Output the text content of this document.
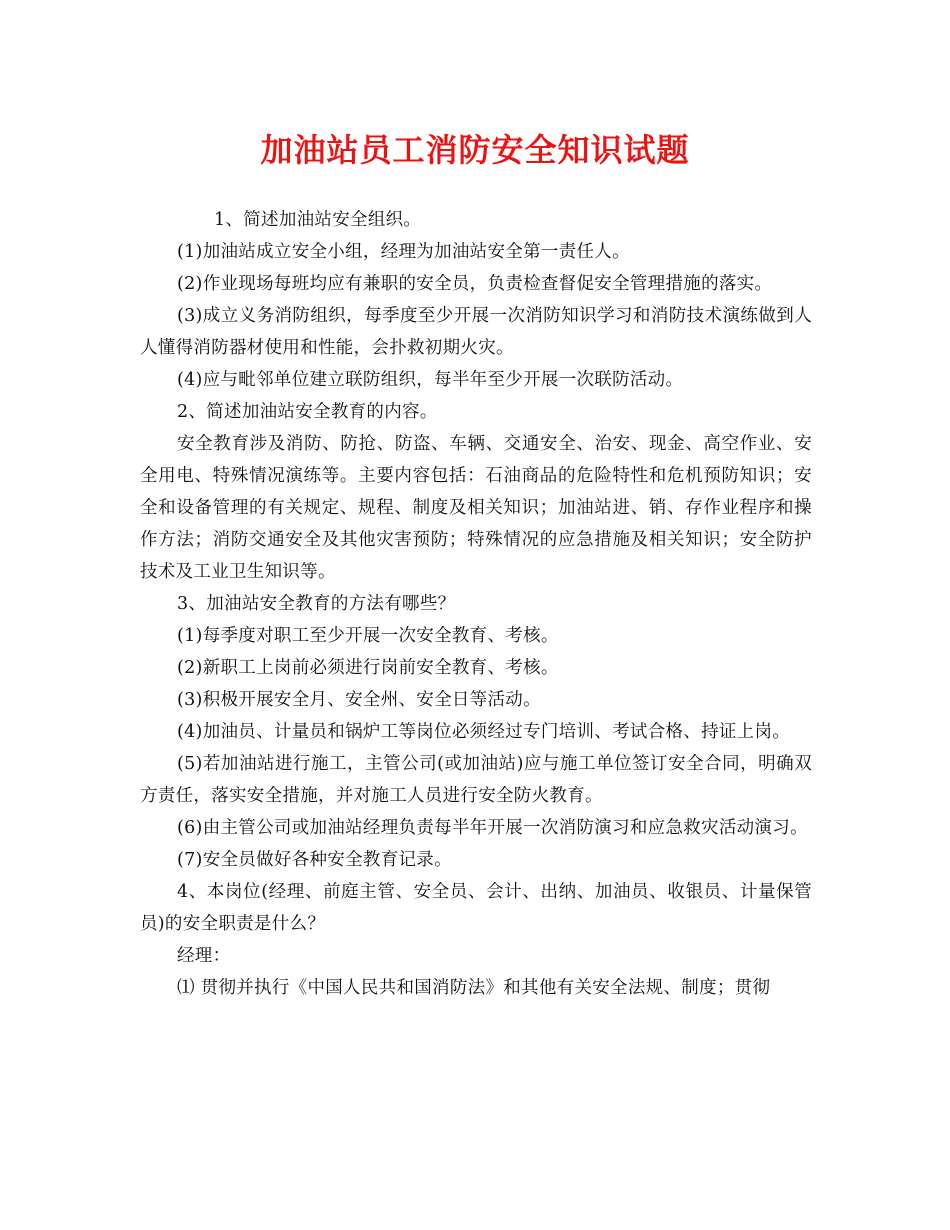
加油站员工消防安全知识试题

1、简述加油站安全组织。

(1)加油站成立安全小组，经理为加油站安全第一责任人。

(2)作业现场每班均应有兼职的安全员，负责检查督促安全管理措施的落实。

(3)成立义务消防组织，每季度至少开展一次消防知识学习和消防技术演练做到人人懂得消防器材使用和性能，会扑救初期火灾。

(4)应与毗邻单位建立联防组织，每半年至少开展一次联防活动。

2、简述加油站安全教育的内容。

安全教育涉及消防、防抢、防盗、车辆、交通安全、治安、现金、高空作业、安全用电、特殊情况演练等。主要内容包括：石油商品的危险特性和危机预防知识；安全和设备管理的有关规定、规程、制度及相关知识；加油站进、销、存作业程序和操作方法；消防交通安全及其他灾害预防；特殊情况的应急措施及相关知识；安全防护技术及工业卫生知识等。

3、加油站安全教育的方法有哪些？

(1)每季度对职工至少开展一次安全教育、考核。

(2)新职工上岗前必须进行岗前安全教育、考核。

(3)积极开展安全月、安全州、安全日等活动。

(4)加油员、计量员和锅炉工等岗位必须经过专门培训、考试合格、持证上岗。

(5)若加油站进行施工，主管公司(或加油站)应与施工单位签订安全合同，明确双方责任，落实安全措施，并对施工人员进行安全防火教育。

(6)由主管公司或加油站经理负责每半年开展一次消防演习和应急救灾活动演习。

(7)安全员做好各种安全教育记录。

4、本岗位(经理、前庭主管、安全员、会计、出纳、加油员、收银员、计量保管员)的安全职责是什么？

经理：

⑴ 贯彻并执行《中国人民共和国消防法》和其他有关安全法规、制度；贯彻
